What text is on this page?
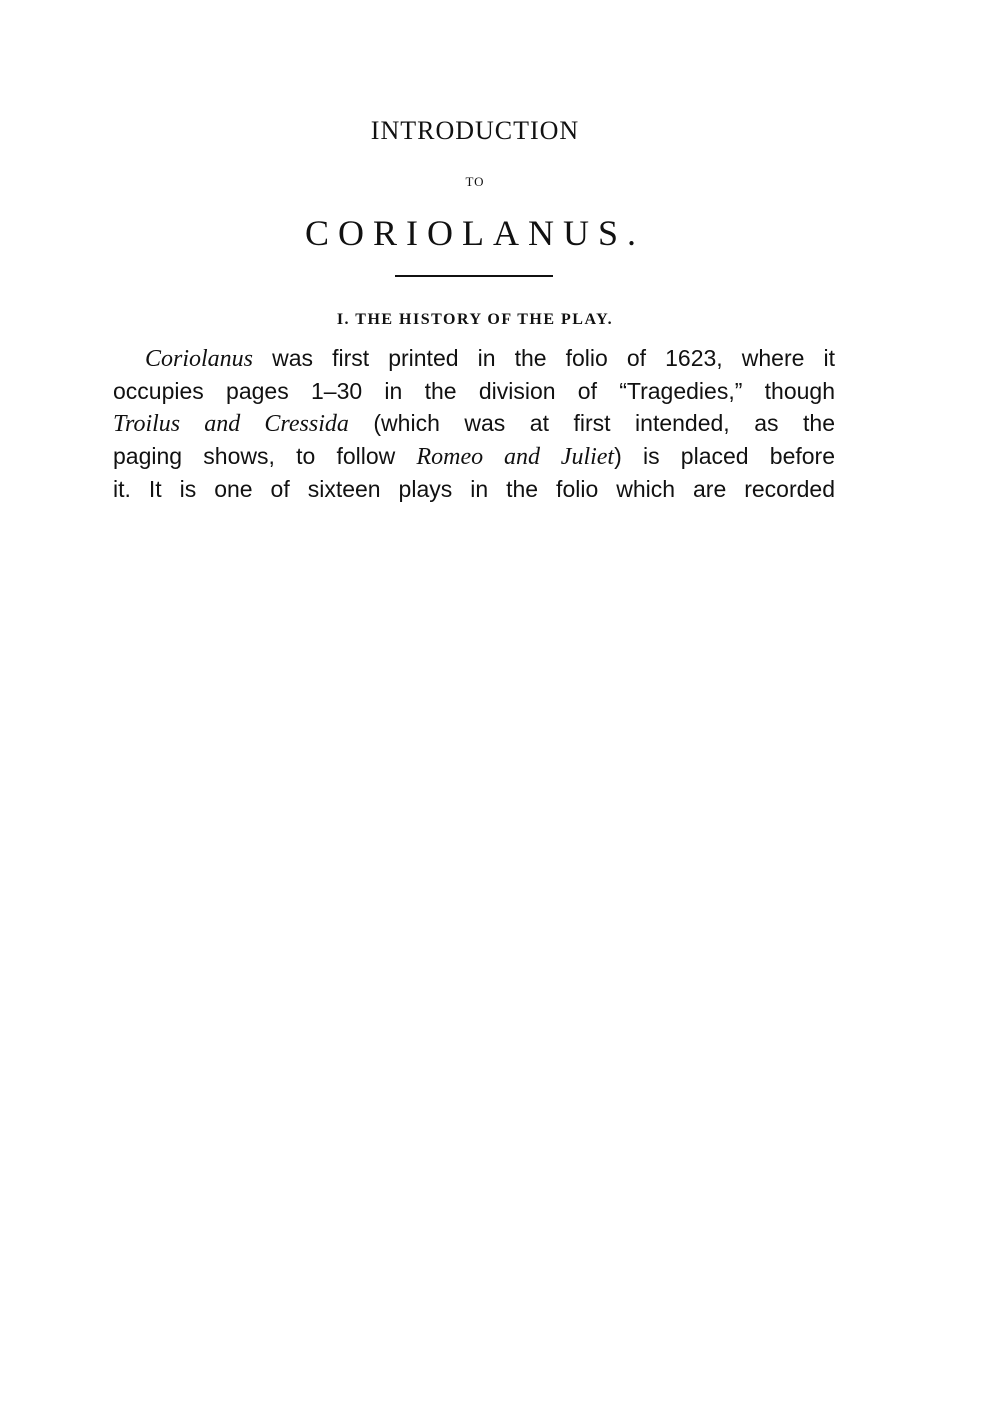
INTRODUCTION
TO
CORIOLANUS.
I. THE HISTORY OF THE PLAY.
Coriolanus was first printed in the folio of 1623, where it
occupies pages 1–30 in the division of “Tragedies,” though
Troilus and Cressida (which was at first intended, as the
paging shows, to follow Romeo and Juliet) is placed before
it. It is one of sixteen plays in the folio which are recorded
